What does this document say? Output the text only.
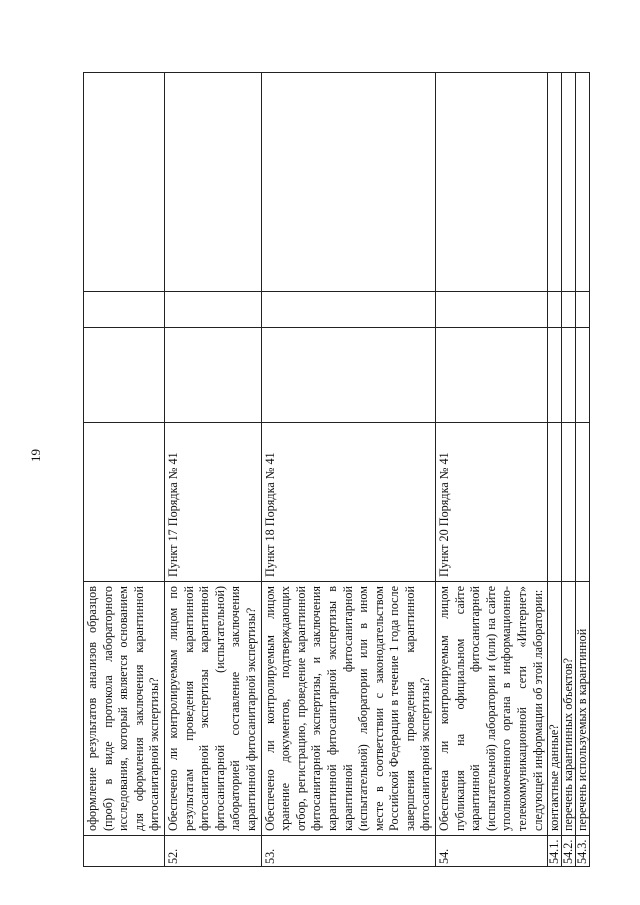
19
	оформление результатов анализов образцов (проб) в виде протокола лабораторного исследования, который является основанием для оформления заключения карантинной фитосанитарной экспертизы?				
52.	Обеспечено ли контролируемым лицом по результатам проведения карантинной фитосанитарной экспертизы карантинной фитосанитарной (испытательной) лабораторией составление заключения карантинной фитосанитарной экспертизы?	Пункт 17 Порядка № 41			
53.	Обеспечено ли контролируемым лицом хранение документов, подтверждающих отбор, регистрацию, проведение карантинной фитосанитарной экспертизы, и заключения карантинной фитосанитарной экспертизы в карантинной фитосанитарной (испытательной) лаборатории или в ином месте в соответствии с законодательством Российской Федерации в течение 1 года после завершения проведения карантинной фитосанитарной экспертизы?	Пункт 18 Порядка № 41			
54.	Обеспечена ли контролируемым лицом публикация на официальном сайте карантинной фитосанитарной (испытательной) лаборатории и (или) на сайте уполномоченного органа в информационно-телекоммуникационной сети «Интернет» следующей информации об этой лаборатории:	Пункт 20 Порядка № 41			
54.1.	контактные данные?				
54.2.	перечень карантинных объектов?				
54.3.	перечень используемых в карантинной				
